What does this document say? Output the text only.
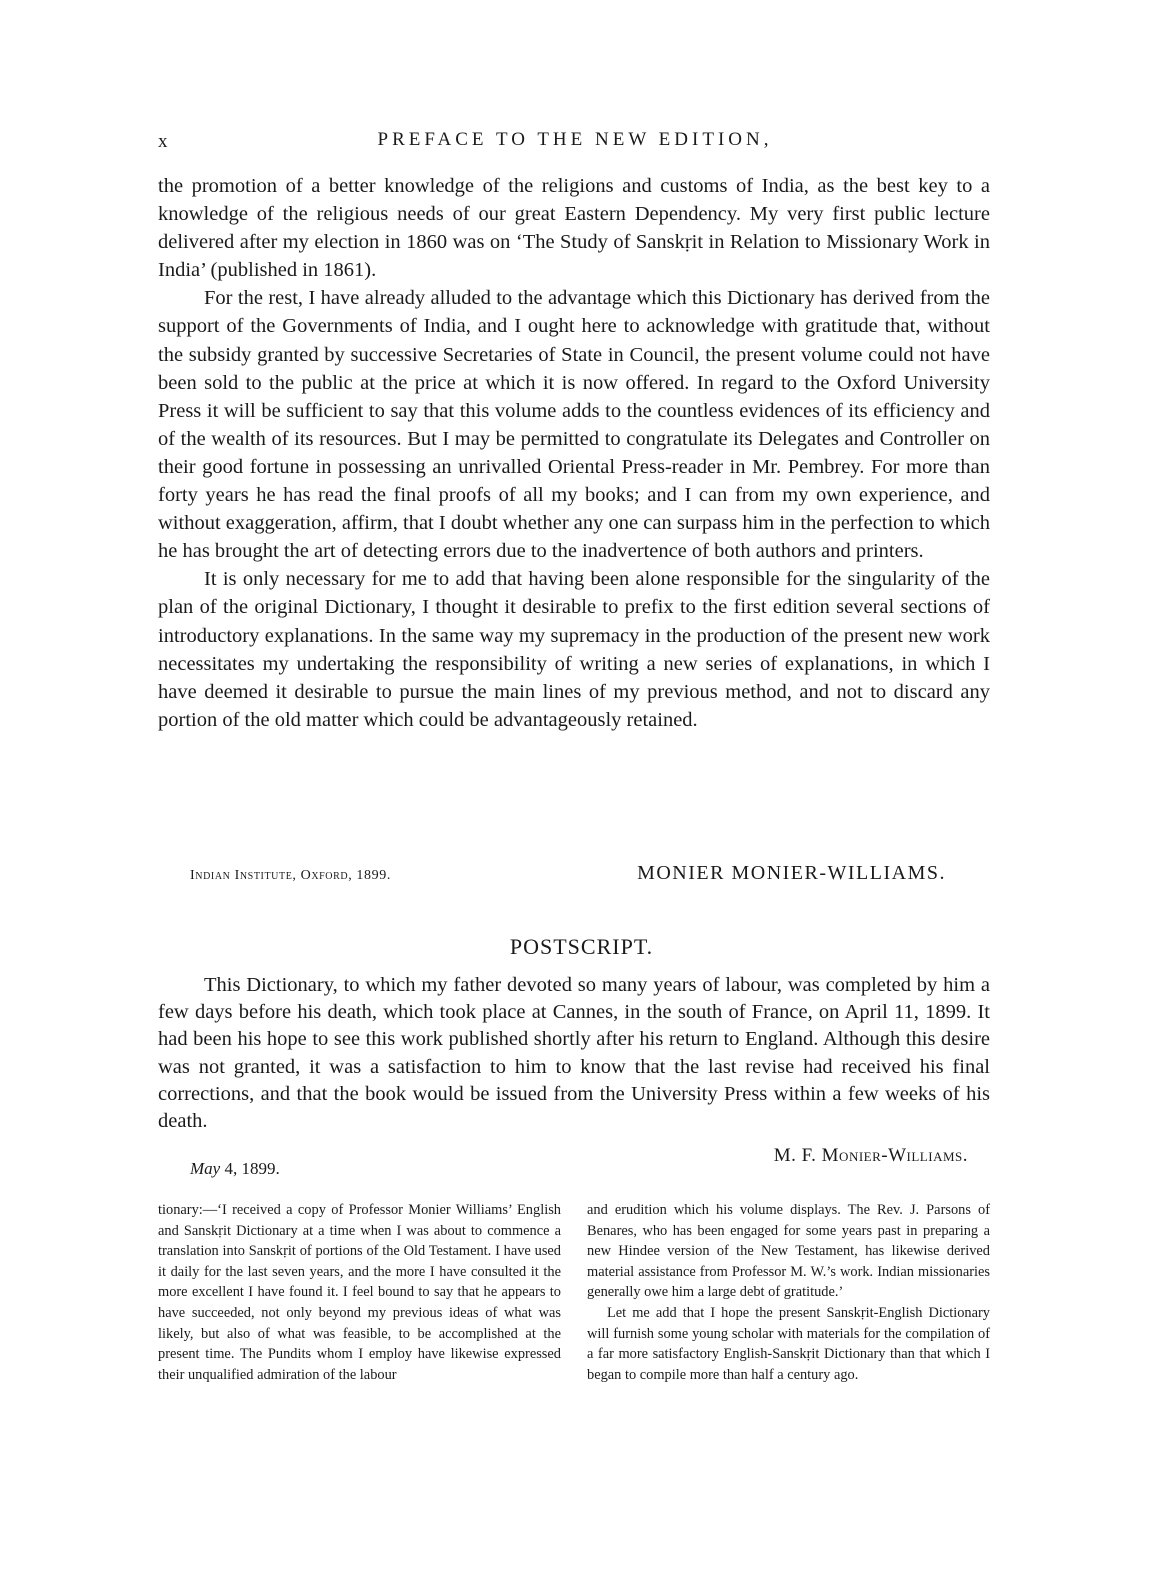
x	PREFACE TO THE NEW EDITION,

the promotion of a better knowledge of the religions and customs of India, as the best key to a knowledge of the religious needs of our great Eastern Dependency. My very first public lecture delivered after my election in 1860 was on ‘The Study of Sanskṛit in Relation to Missionary Work in India’ (published in 1861).

For the rest, I have already alluded to the advantage which this Dictionary has derived from the support of the Governments of India, and I ought here to acknowledge with gratitude that, without the subsidy granted by successive Secretaries of State in Council, the present volume could not have been sold to the public at the price at which it is now offered. In regard to the Oxford University Press it will be sufficient to say that this volume adds to the countless evidences of its efficiency and of the wealth of its resources. But I may be permitted to congratulate its Delegates and Controller on their good fortune in possessing an unrivalled Oriental Press-reader in Mr. Pembrey. For more than forty years he has read the final proofs of all my books; and I can from my own experience, and without exaggeration, affirm, that I doubt whether any one can surpass him in the perfection to which he has brought the art of detecting errors due to the inadvertence of both authors and printers.

It is only necessary for me to add that having been alone responsible for the singularity of the plan of the original Dictionary, I thought it desirable to prefix to the first edition several sections of introductory explanations. In the same way my supremacy in the production of the present new work necessitates my undertaking the responsibility of writing a new series of explanations, in which I have deemed it desirable to pursue the main lines of my previous method, and not to discard any portion of the old matter which could be advantageously retained.

Indian Institute, Oxford, 1899.	MONIER MONIER-WILLIAMS.
POSTSCRIPT.

This Dictionary, to which my father devoted so many years of labour, was completed by him a few days before his death, which took place at Cannes, in the south of France, on April 11, 1899. It had been his hope to see this work published shortly after his return to England. Although this desire was not granted, it was a satisfaction to him to know that the last revise had received his final corrections, and that the book would be issued from the University Press within a few weeks of his death.

May 4, 1899.
M. F. Monier-Williams.

tionary:—‘I received a copy of Professor Monier Williams’ English and Sanskṛit Dictionary at a time when I was about to commence a translation into Sanskṛit of portions of the Old Testament. I have used it daily for the last seven years, and the more I have consulted it the more excellent I have found it. I feel bound to say that he appears to have succeeded, not only beyond my previous ideas of what was likely, but also of what was feasible, to be accomplished at the present time. The Pundits whom I employ have likewise expressed their unqualified admiration of the labour

and erudition which his volume displays. The Rev. J. Parsons of Benares, who has been engaged for some years past in preparing a new Hindee version of the New Testament, has likewise derived material assistance from Professor M. W.’s work. Indian missionaries generally owe him a large debt of gratitude.’

Let me add that I hope the present Sanskṛit-English Dictionary will furnish some young scholar with materials for the compilation of a far more satisfactory English-Sanskṛit Dictionary than that which I began to compile more than half a century ago.
